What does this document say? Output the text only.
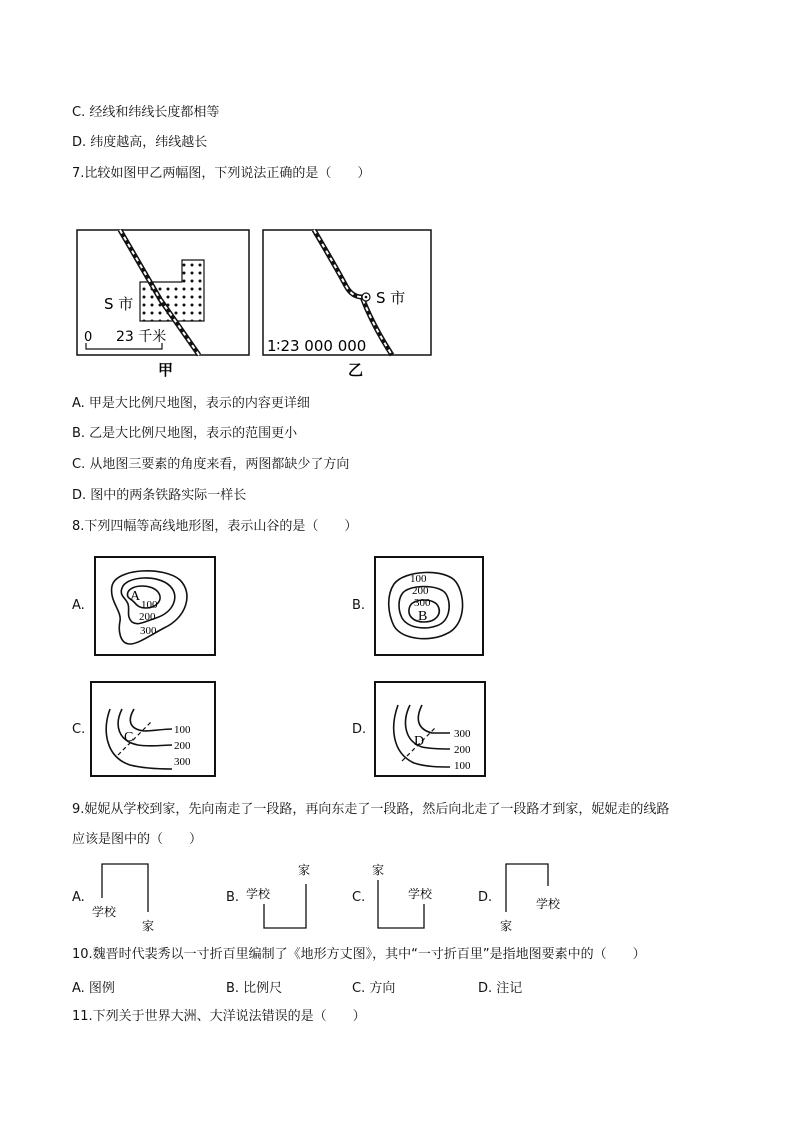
C. 经线和纬线长度都相等
D. 纬度越高，纬线越长
7.比较如图甲乙两幅图，下列说法正确的是（　　）
0 23 千米
S 市
甲
S 市
1∶23 000 000
乙
A. 甲是大比例尺地图，表示的内容更详细
B. 乙是大比例尺地图，表示的范围更小
C. 从地图三要素的角度来看，两图都缺少了方向
D. 图中的两条铁路实际一样长
8.下列四幅等高线地形图，表示山谷的是（　　）
A.
A
100
200
300
B.
100
200
300
B
C.
C	100
200
300
D.
D	300
200
100
9.妮妮从学校到家，先向南走了一段路，再向东走了一段路，然后向北走了一段路才到家，妮妮走的线路
应该是图中的（　　）
A.
学校
家
B. 学校
家
C.
家
学校	D.
家
学校
10.魏晋时代裴秀以一寸折百里编制了《地形方丈图》，其中“一寸折百里”是指地图要素中的（　　）
A. 图例	B. 比例尺	C. 方向	D. 注记
11.下列关于世界大洲、大洋说法错误的是（　　）
